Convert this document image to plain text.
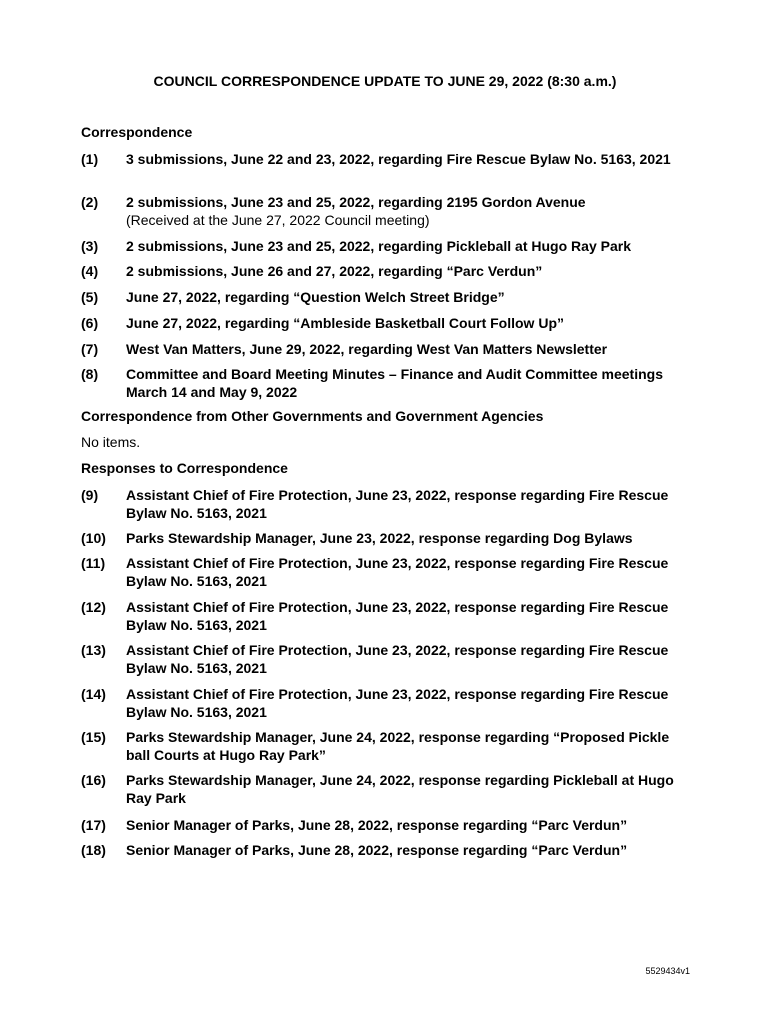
COUNCIL CORRESPONDENCE UPDATE TO JUNE 29, 2022 (8:30 a.m.)
Correspondence
(1) 3 submissions, June 22 and 23, 2022, regarding Fire Rescue Bylaw No. 5163, 2021
(2) 2 submissions, June 23 and 25, 2022, regarding 2195 Gordon Avenue
(Received at the June 27, 2022 Council meeting)
(3) 2 submissions, June 23 and 25, 2022, regarding Pickleball at Hugo Ray Park
(4) 2 submissions, June 26 and 27, 2022, regarding “Parc Verdun”
(5) June 27, 2022, regarding “Question Welch Street Bridge”
(6) June 27, 2022, regarding “Ambleside Basketball Court Follow Up”
(7) West Van Matters, June 29, 2022, regarding West Van Matters Newsletter
(8) Committee and Board Meeting Minutes – Finance and Audit Committee meetings March 14 and May 9, 2022
Correspondence from Other Governments and Government Agencies
No items.
Responses to Correspondence
(9) Assistant Chief of Fire Protection, June 23, 2022, response regarding Fire Rescue Bylaw No. 5163, 2021
(10) Parks Stewardship Manager, June 23, 2022, response regarding Dog Bylaws
(11) Assistant Chief of Fire Protection, June 23, 2022, response regarding Fire Rescue Bylaw No. 5163, 2021
(12) Assistant Chief of Fire Protection, June 23, 2022, response regarding Fire Rescue Bylaw No. 5163, 2021
(13) Assistant Chief of Fire Protection, June 23, 2022, response regarding Fire Rescue Bylaw No. 5163, 2021
(14) Assistant Chief of Fire Protection, June 23, 2022, response regarding Fire Rescue Bylaw No. 5163, 2021
(15) Parks Stewardship Manager, June 24, 2022, response regarding “Proposed Pickle ball Courts at Hugo Ray Park”
(16) Parks Stewardship Manager, June 24, 2022, response regarding Pickleball at Hugo Ray Park
(17) Senior Manager of Parks, June 28, 2022, response regarding “Parc Verdun”
(18) Senior Manager of Parks, June 28, 2022, response regarding “Parc Verdun”
5529434v1
